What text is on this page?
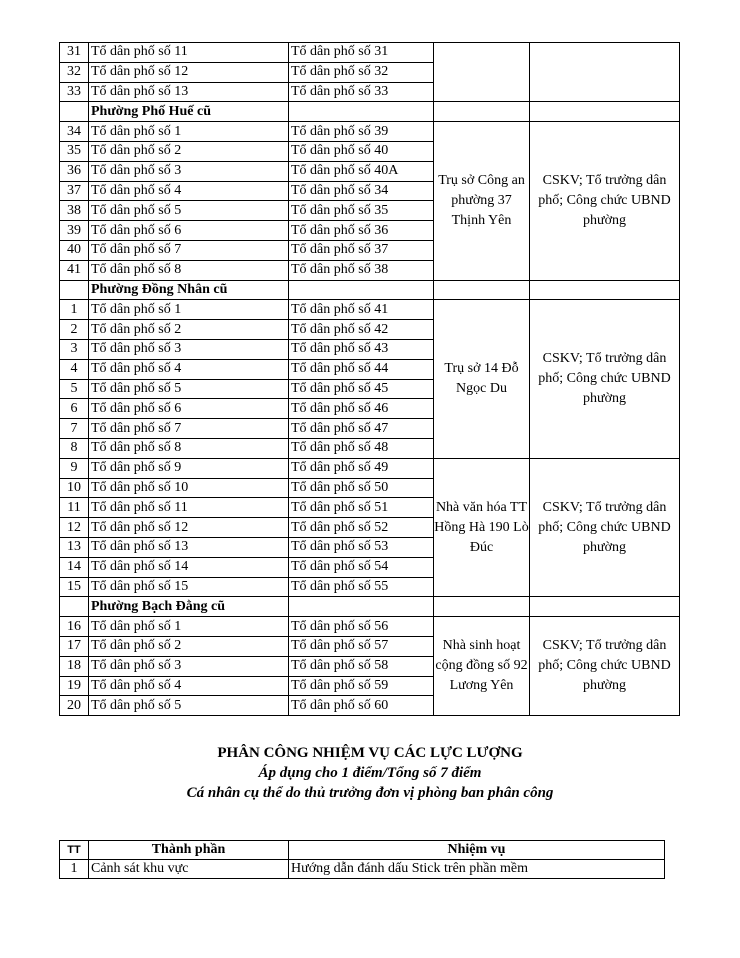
31	Tổ dân phố số 11	Tổ dân phố số 31		
32	Tổ dân phố số 12	Tổ dân phố số 32		
33	Tổ dân phố số 13	Tổ dân phố số 33		
	Phường Phố Huế cũ			
34	Tổ dân phố số 1	Tổ dân phố số 39	Trụ sở Công an phường 37 Thịnh Yên	CSKV; Tổ trưởng dân phố; Công chức UBND phường
35	Tổ dân phố số 2	Tổ dân phố số 40		
36	Tổ dân phố số 3	Tổ dân phố số 40A		
37	Tổ dân phố số 4	Tổ dân phố số 34		
38	Tổ dân phố số 5	Tổ dân phố số 35		
39	Tổ dân phố số 6	Tổ dân phố số 36		
40	Tổ dân phố số 7	Tổ dân phố số 37		
41	Tổ dân phố số 8	Tổ dân phố số 38		
	Phường Đồng Nhân cũ			
1	Tổ dân phố số 1	Tổ dân phố số 41	Trụ sở 14 Đỗ Ngọc Du	CSKV; Tổ trưởng dân phố; Công chức UBND phường
2	Tổ dân phố số 2	Tổ dân phố số 42		
3	Tổ dân phố số 3	Tổ dân phố số 43		
4	Tổ dân phố số 4	Tổ dân phố số 44		
5	Tổ dân phố số 5	Tổ dân phố số 45		
6	Tổ dân phố số 6	Tổ dân phố số 46		
7	Tổ dân phố số 7	Tổ dân phố số 47		
8	Tổ dân phố số 8	Tổ dân phố số 48		
9	Tổ dân phố số 9	Tổ dân phố số 49	Nhà văn hóa TT Hồng Hà 190 Lò Đúc	CSKV; Tổ trưởng dân phố; Công chức UBND phường
10	Tổ dân phố số 10	Tổ dân phố số 50		
11	Tổ dân phố số 11	Tổ dân phố số 51		
12	Tổ dân phố số 12	Tổ dân phố số 52		
13	Tổ dân phố số 13	Tổ dân phố số 53		
14	Tổ dân phố số 14	Tổ dân phố số 54		
15	Tổ dân phố số 15	Tổ dân phố số 55		
	Phường Bạch Đằng cũ			
16	Tổ dân phố số 1	Tổ dân phố số 56	Nhà sinh hoạt cộng đồng số 92 Lương Yên	CSKV; Tổ trưởng dân phố; Công chức UBND phường
17	Tổ dân phố số 2	Tổ dân phố số 57		
18	Tổ dân phố số 3	Tổ dân phố số 58		
19	Tổ dân phố số 4	Tổ dân phố số 59		
20	Tổ dân phố số 5	Tổ dân phố số 60		
PHÂN CÔNG NHIỆM VỤ CÁC LỰC LƯỢNG
Áp dụng cho 1 điểm/Tổng số 7 điểm
Cá nhân cụ thể do thủ trưởng đơn vị phòng ban phân công
TT	Thành phần	Nhiệm vụ
1	Cảnh sát khu vực	Hướng dẫn đánh dấu Stick trên phần mềm
